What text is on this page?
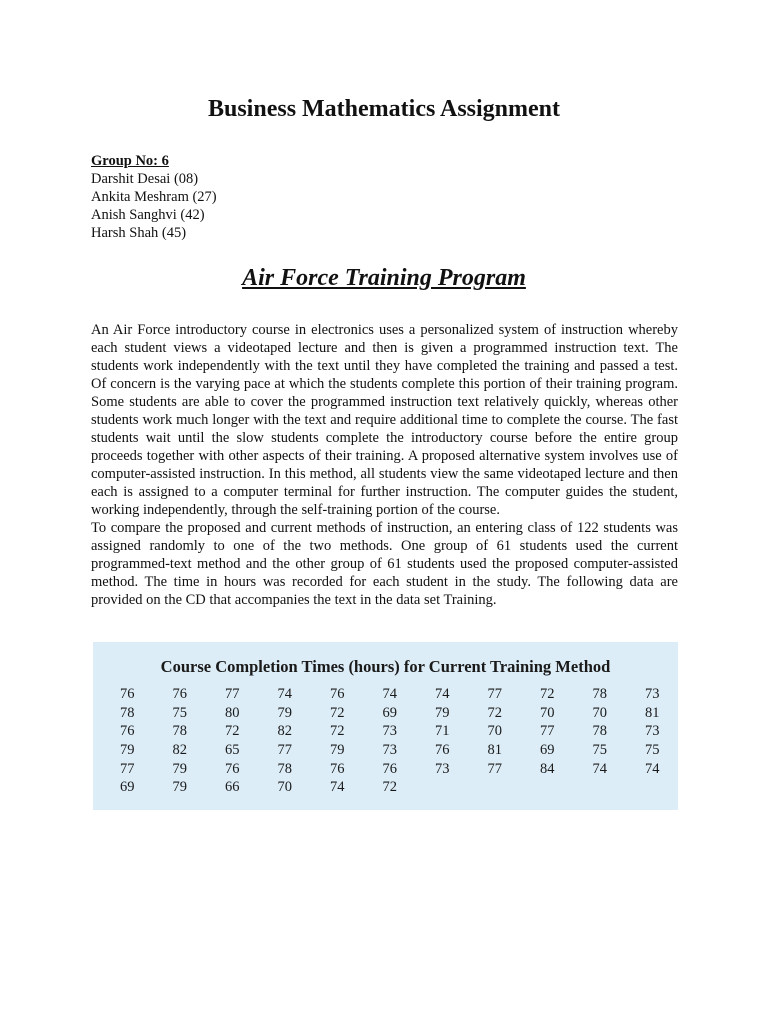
Business Mathematics Assignment
Group No: 6
Darshit Desai (08)
Ankita Meshram (27)
Anish Sanghvi (42)
Harsh Shah (45)
Air Force Training Program

An Air Force introductory course in electronics uses a personalized system of instruction whereby each student views a videotaped lecture and then is given a programmed instruction text. The students work independently with the text until they have completed the training and passed a test. Of concern is the varying pace at which the students complete this portion of their training program. Some students are able to cover the programmed instruction text relatively quickly, whereas other students work much longer with the text and require additional time to complete the course. The fast students wait until the slow students complete the introductory course before the entire group proceeds together with other aspects of their training. A proposed alternative system involves use of computer-assisted instruction. In this method, all students view the same videotaped lecture and then each is assigned to a computer terminal for further instruction. The computer guides the student, working independently, through the self-training portion of the course.

To compare the proposed and current methods of instruction, an entering class of 122 students was assigned randomly to one of the two methods. One group of 61 students used the current programmed-text method and the other group of 61 students used the proposed computer-assisted method. The time in hours was recorded for each student in the study. The following data are provided on the CD that accompanies the text in the data set Training.

Course Completion Times (hours) for Current Training Method
76	76	77	74	76	74	74	77	72	78	73
78	75	80	79	72	69	79	72	70	70	81
76	78	72	82	72	73	71	70	77	78	73
79	82	65	77	79	73	76	81	69	75	75
77	79	76	78	76	76	73	77	84	74	74
69	79	66	70	74	72
